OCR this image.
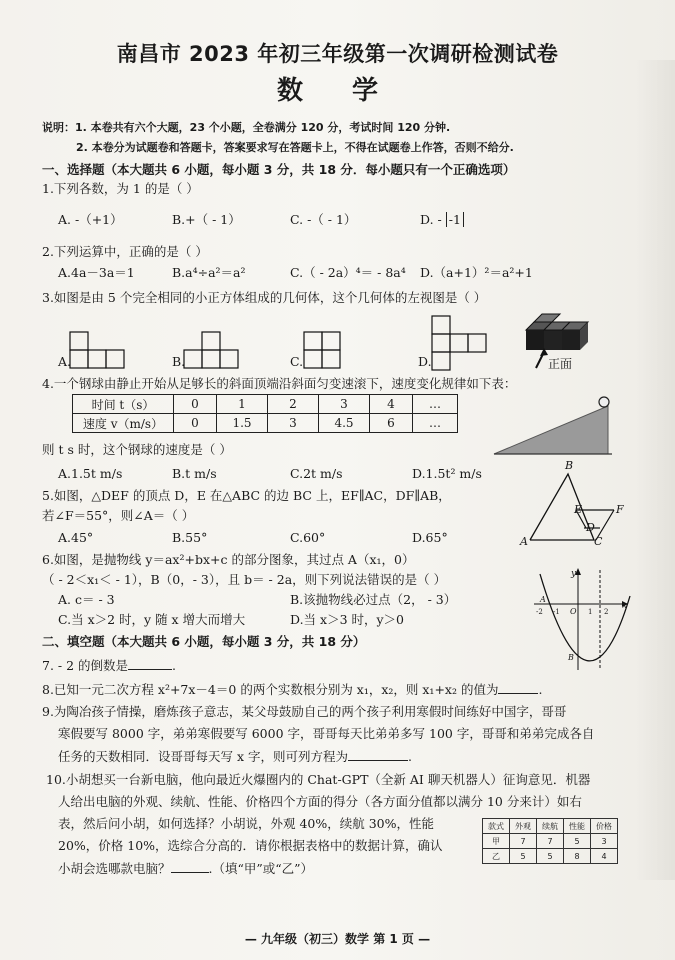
南昌市 2023 年初三年级第一次调研检测试卷
数 学
说明：1. 本卷共有六个大题，23 个小题，全卷满分 120 分，考试时间 120 分钟.
2. 本卷分为试题卷和答题卡，答案要求写在答题卡上，不得在试题卷上作答，否则不给分.
一、选择题（本大题共 6 小题，每小题 3 分，共 18 分．每小题只有一个正确选项）
1.下列各数，为 1 的是（ ）
A. -（+1）	B.+（ - 1）	C. -（ - 1）	D. - -1
2.下列运算中，正确的是（ ）
A.4a－3a＝1	B.a⁴÷a²＝a²	C.（ - 2a）⁴＝ - 8a⁴ D.（a+1）²＝a²+1
3.如图是由 5 个完全相同的小正方体组成的几何体，这个几何体的左视图是（ ）
A.	B.	C.	D.	正面
4.一个钢球由静止开始从足够长的斜面顶端沿斜面匀变速滚下，速度变化规律如下表：
时间 t（s）	0	1	2	3	4	…
速度 v（m/s）	0	1.5	3	4.5	6	…
则 t s 时，这个钢球的速度是（ ）
A.1.5t m/s	B.t m/s	C.2t m/s	D.1.5t² m/s
5.如图，△DEF 的顶点 D，E 在△ABC 的边 BC 上，EF∥AC，DF∥AB，
若∠F＝55°，则∠A＝（ ）
A.45°	B.55°	C.60°	D.65°	A
B
C
D
E	F
6.如图，是抛物线 y＝ax²+bx+c 的部分图象，其过点 A（x₁，0）
（ - 2＜x₁＜ - 1），B（0，- 3），且 b＝ - 2a，则下列说法错误的是（ ）
A. c＝ - 3	B.该抛物线必过点（2， - 3）
C.当 x＞2 时，y 随 x 增大而增大	D.当 x＞3 时，y＞0
y
x
O
A
B
-2 -1	1 2
二、填空题（本大题共 6 小题，每小题 3 分，共 18 分）
7. - 2 的倒数是	.
8.已知一元二次方程 x²+7x－4＝0 的两个实数根分别为 x₁，x₂，则 x₁+x₂ 的值为	.
9.为陶冶孩子情操，磨炼孩子意志，某父母鼓励自己的两个孩子利用寒假时间练好中国字，哥哥
寒假要写 8000 字，弟弟寒假要写 6000 字，哥哥每天比弟弟多写 100 字，哥哥和弟弟完成各自
任务的天数相同．设哥哥每天写 x 字，则可列方程为	.
10.小胡想买一台新电脑，他向最近火爆圈内的 Chat-GPT（全新 AI 聊天机器人）征询意见．机器
人给出电脑的外观、续航、性能、价格四个方面的得分（各方面分值都以满分 10 分来计）如右
表，然后问小胡，如何选择？小胡说，外观 40%，续航 30%，性能
20%，价格 10%，选综合分高的．请你根据表格中的数据计算，确认
小胡会选哪款电脑？	.（填“甲”或“乙”）
款式	外观	续航	性能	价格
甲	7	7	5	3
乙	5	5	8	4
— 九年级（初三）数学 第 1 页 —
